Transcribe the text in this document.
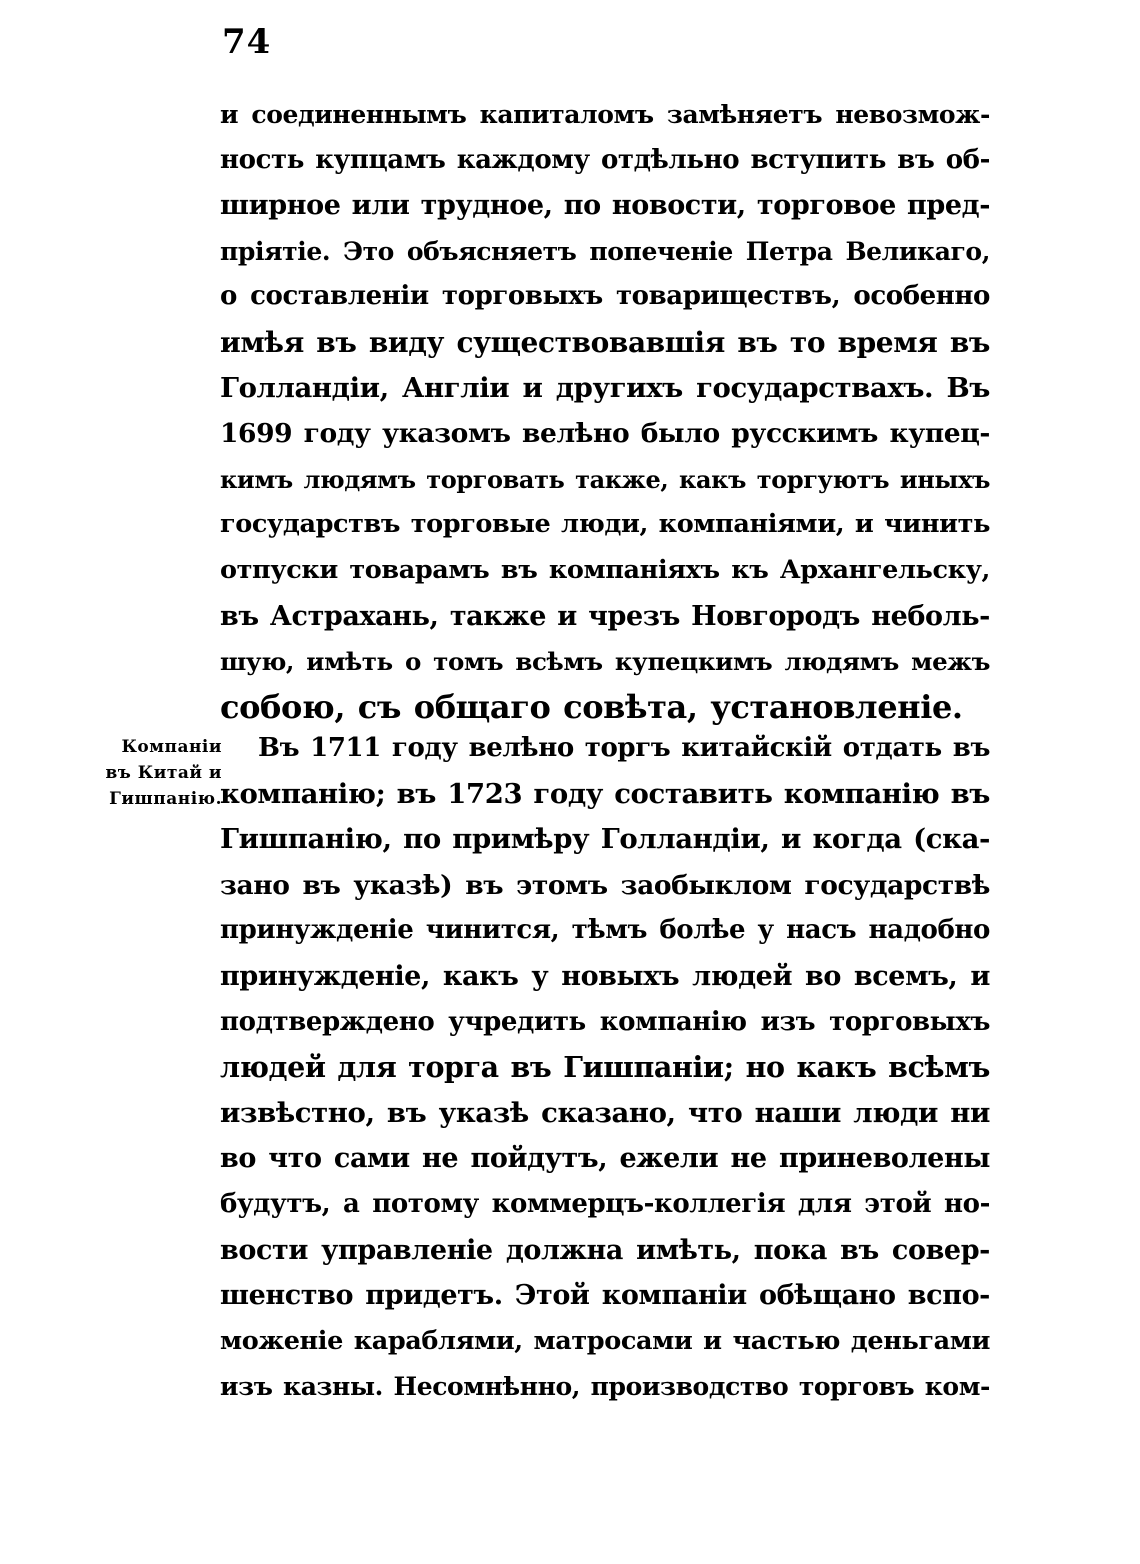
74
и соединеннымъ капиталомъ замѣняетъ невозмож-
ность купцамъ каждому отдѣльно вступить въ об-
ширное или трудное, по новости, торговое пред-
пріятіе. Это объясняетъ попеченіе Петра Великаго,
о составленіи торговыхъ товариществъ, особенно
имѣя въ виду существовавшія въ то время въ
Голландіи, Англіи и другихъ государствахъ. Въ
1699 году указомъ велѣно было русскимъ купец-
кимъ людямъ торговать также, какъ торгуютъ иныхъ
государствъ торговые люди, компаніями, и чинить
отпуски товарамъ въ компаніяхъ къ Архангельску,
въ Астрахань, также и чрезъ Новгородъ неболь-
шую, имѣть о томъ всѣмъ купецкимъ людямъ межъ
собою, съ общаго совѣта, установленіе.
Компаніи
въ Китай и
Гишпанію.
Въ 1711 году велѣно торгъ китайскій отдать въ
компанію; въ 1723 году составить компанію въ
Гишпанію, по примѣру Голландіи, и когда (ска-
зано въ указѣ) въ этомъ заобыклом государствѣ
принужденіе чинится, тѣмъ болѣе у насъ надобно
принужденіе, какъ у новыхъ людей во всемъ, и
подтверждено учредить компанію изъ торговыхъ
людей для торга въ Гишпаніи; но какъ всѣмъ
извѣстно, въ указѣ сказано, что наши люди ни
во что сами не пойдутъ, ежели не приневолены
будутъ, а потому коммерцъ-коллегія для этой но-
вости управленіе должна имѣть, пока въ совер-
шенство придетъ. Этой компаніи обѣщано вспо-
моженіе караблями, матросами и частью деньгами
изъ казны. Несомнѣнно, производство торговъ ком-
